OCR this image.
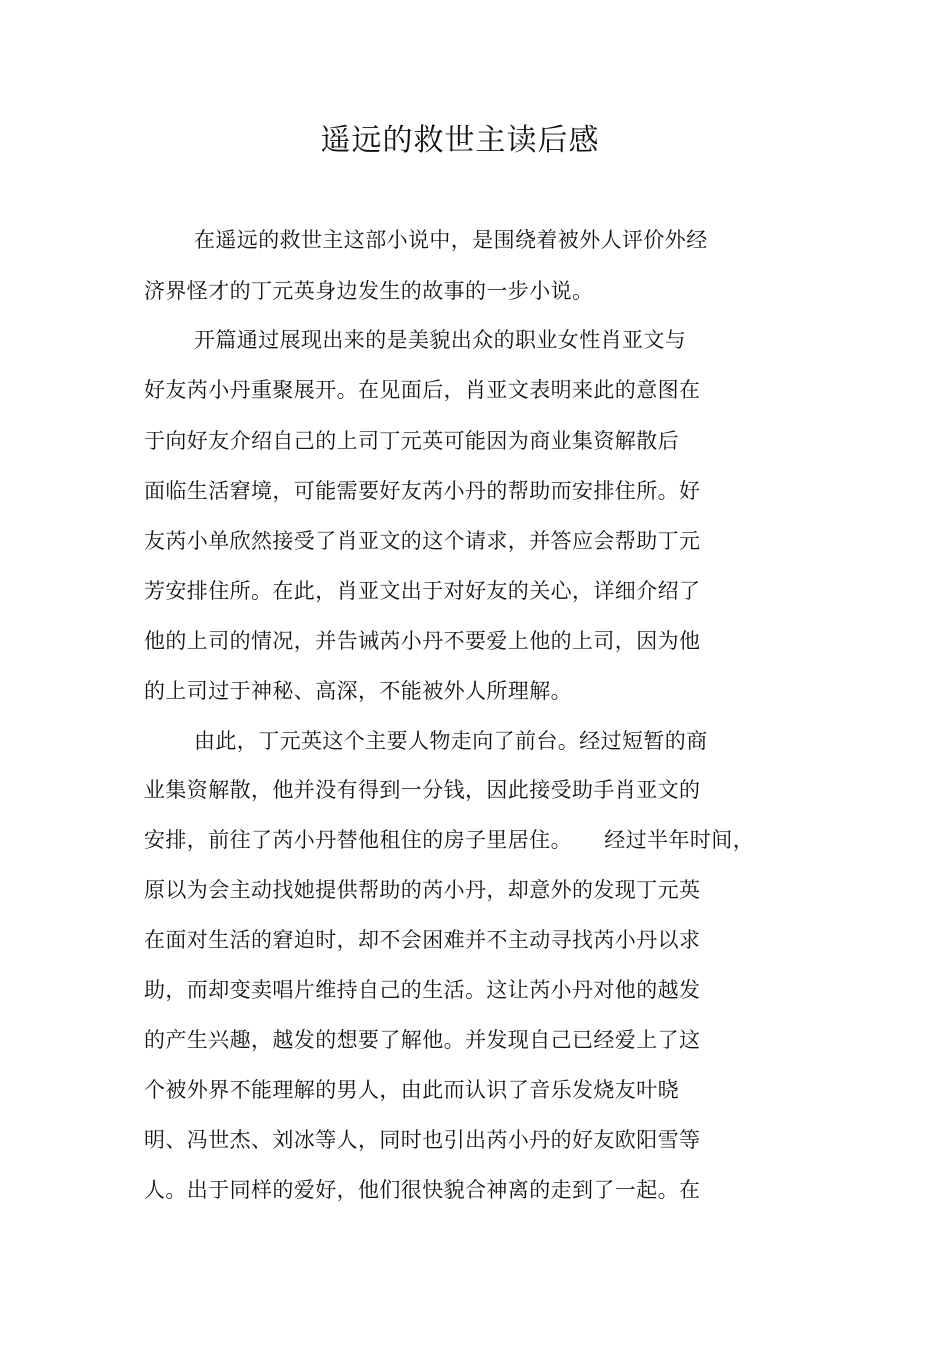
遥远的救世主读后感
在遥远的救世主这部小说中，是围绕着被外人评价外经
济界怪才的丁元英身边发生的故事的一步小说。
开篇通过展现出来的是美貌出众的职业女性肖亚文与
好友芮小丹重聚展开。在见面后，肖亚文表明来此的意图在
于向好友介绍自己的上司丁元英可能因为商业集资解散后
面临生活窘境，可能需要好友芮小丹的帮助而安排住所。好
友芮小单欣然接受了肖亚文的这个请求，并答应会帮助丁元
芳安排住所。在此，肖亚文出于对好友的关心，详细介绍了
他的上司的情况，并告诫芮小丹不要爱上他的上司，因为他
的上司过于神秘、高深，不能被外人所理解。
由此，丁元英这个主要人物走向了前台。经过短暂的商
业集资解散，他并没有得到一分钱，因此接受助手肖亚文的
安排，前往了芮小丹替他租住的房子里居住。　　经过半年时间，
原以为会主动找她提供帮助的芮小丹，却意外的发现丁元英
在面对生活的窘迫时，却不会困难并不主动寻找芮小丹以求
助，而却变卖唱片维持自己的生活。这让芮小丹对他的越发
的产生兴趣，越发的想要了解他。并发现自己已经爱上了这
个被外界不能理解的男人，由此而认识了音乐发烧友叶晓
明、冯世杰、刘冰等人，同时也引出芮小丹的好友欧阳雪等
人。出于同样的爱好，他们很快貌合神离的走到了一起。在
